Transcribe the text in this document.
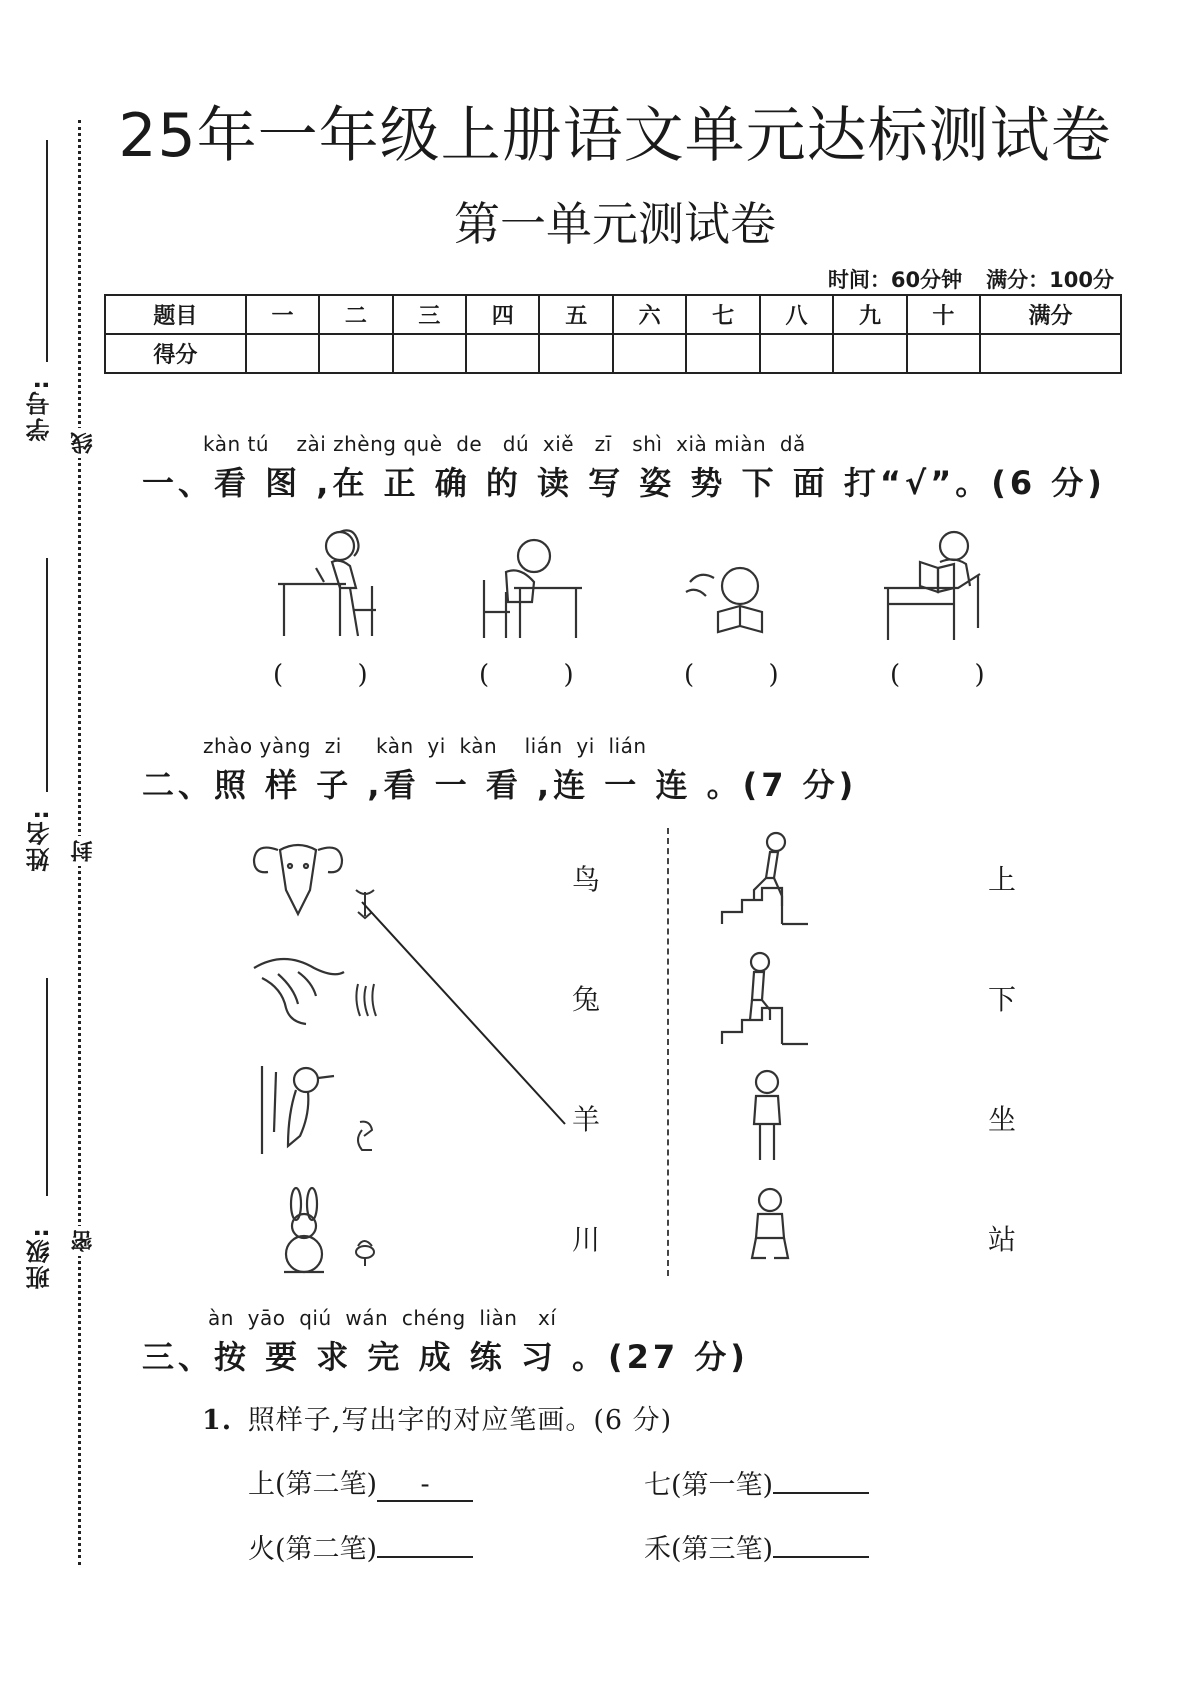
学号:
姓名:
班级:
线
封
密
25年一年级上册语文单元达标测试卷
第一单元测试卷
时间：60分钟 满分：100分
题目	一	二	三	四	五	六	七	八	九	十	满分
得分											
kàn tú    zài zhèng què  de   dú  xiě   zī   shì  xià miàn  dǎ
一、看 图 ,在 正 确 的 读 写 姿 势 下 面 打“√”。(6 分)
(         )	(         )	(         )	(         )
zhào yàng  zi     kàn  yi  kàn    lián  yi  lián
二、照 样 子 ,看 一 看 ,连 一 连 。(7 分)
鸟
兔
羊
川
上
下
坐
站
àn  yāo  qiú  wán  chéng  liàn   xí
三、按 要 求 完 成 练 习 。(27 分)
1. 照样子,写出字的对应笔画。(6 分)
上(第二笔) -	七(第一笔)
火(第二笔)	禾(第三笔)
